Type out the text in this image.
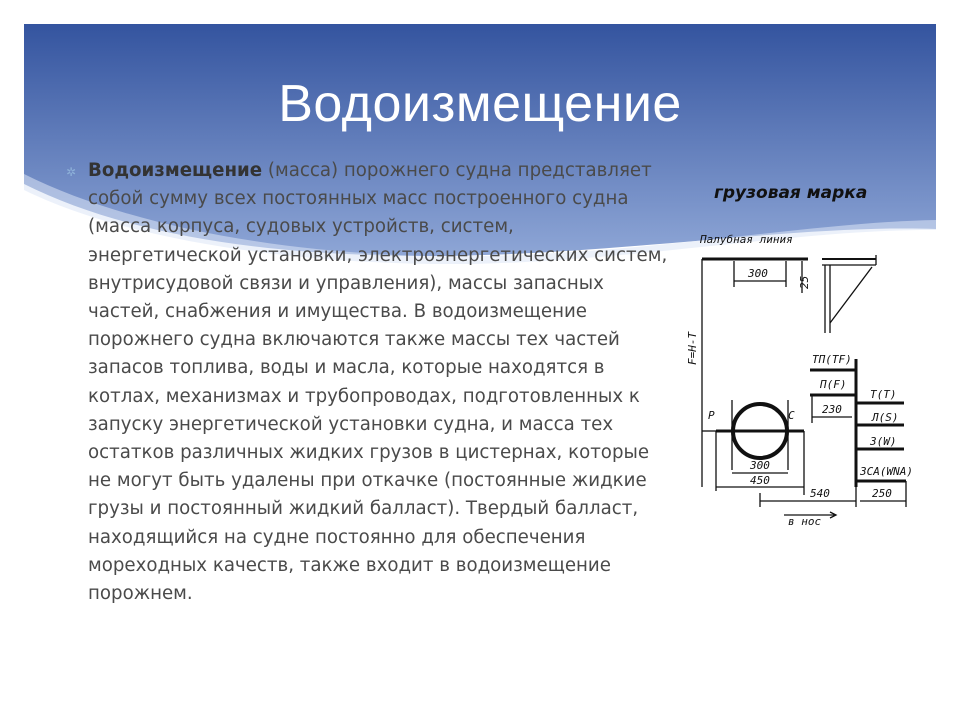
Водоизмещение
✲ Водоизмещение (масса) порожнего судна представляет собой сумму всех постоянных масс построенного судна (масса корпуса, судовых устройств, систем, энергетической установки, электроэнергетических систем, внутрисудовой связи и управления), массы запасных частей, снабжения и имущества. В водоизмещение порожнего судна включаются также массы тех частей запасов топлива, воды и масла, которые находятся в котлах, механизмах и трубопроводах, подготовленных к запуску энергетической установки судна, и масса тех остатков различных жидких грузов в цистернах, которые не могут быть удалены при откачке (постоянные жидкие грузы и постоянный жидкий балласт). Твердый балласт, находящийся на судне постоянно для обеспечения мореходных качеств, также входит в водоизмещение порожнем.
грузовая марка
Палубная линия
300
25
F=H-T	ТП(TF)
П(F)
Т(T)
Л(S)
З(W)
ЗСА(WNA)
230
Р	С
300
450
540	250
в нос
